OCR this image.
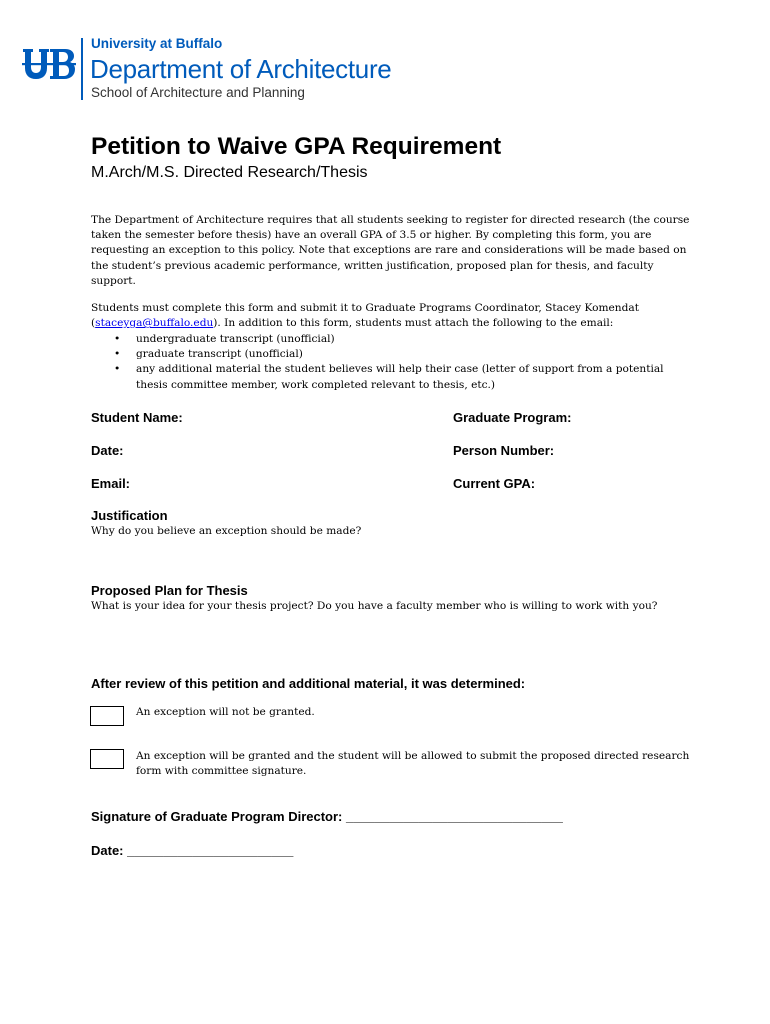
University at Buffalo
Department of Architecture
School of Architecture and Planning
Petition to Waive GPA Requirement
M.Arch/M.S. Directed Research/Thesis

The Department of Architecture requires that all students seeking to register for directed research (the course taken the semester before thesis) have an overall GPA of 3.5 or higher. By completing this form, you are requesting an exception to this policy. Note that exceptions are rare and considerations will be made based on the student’s previous academic performance, written justification, proposed plan for thesis, and faculty support.

Students must complete this form and submit it to Graduate Programs Coordinator, Stacey Komendat (staceyga@buffalo.edu). In addition to this form, students must attach the following to the email:

• undergraduate transcript (unofficial)
• graduate transcript (unofficial)
• any additional material the student believes will help their case (letter of support from a potential thesis committee member, work completed relevant to thesis, etc.)
Student Name:	Graduate Program:
Date:	Person Number:
Email:	Current GPA:
Justification
Why do you believe an exception should be made?
Proposed Plan for Thesis
What is your idea for your thesis project? Do you have a faculty member who is willing to work with you?
After review of this petition and additional material, it was determined:

An exception will not be granted.

An exception will be granted and the student will be allowed to submit the proposed directed research form with committee signature.

Signature of Graduate Program Director: ______________________________
Date: _______________________
